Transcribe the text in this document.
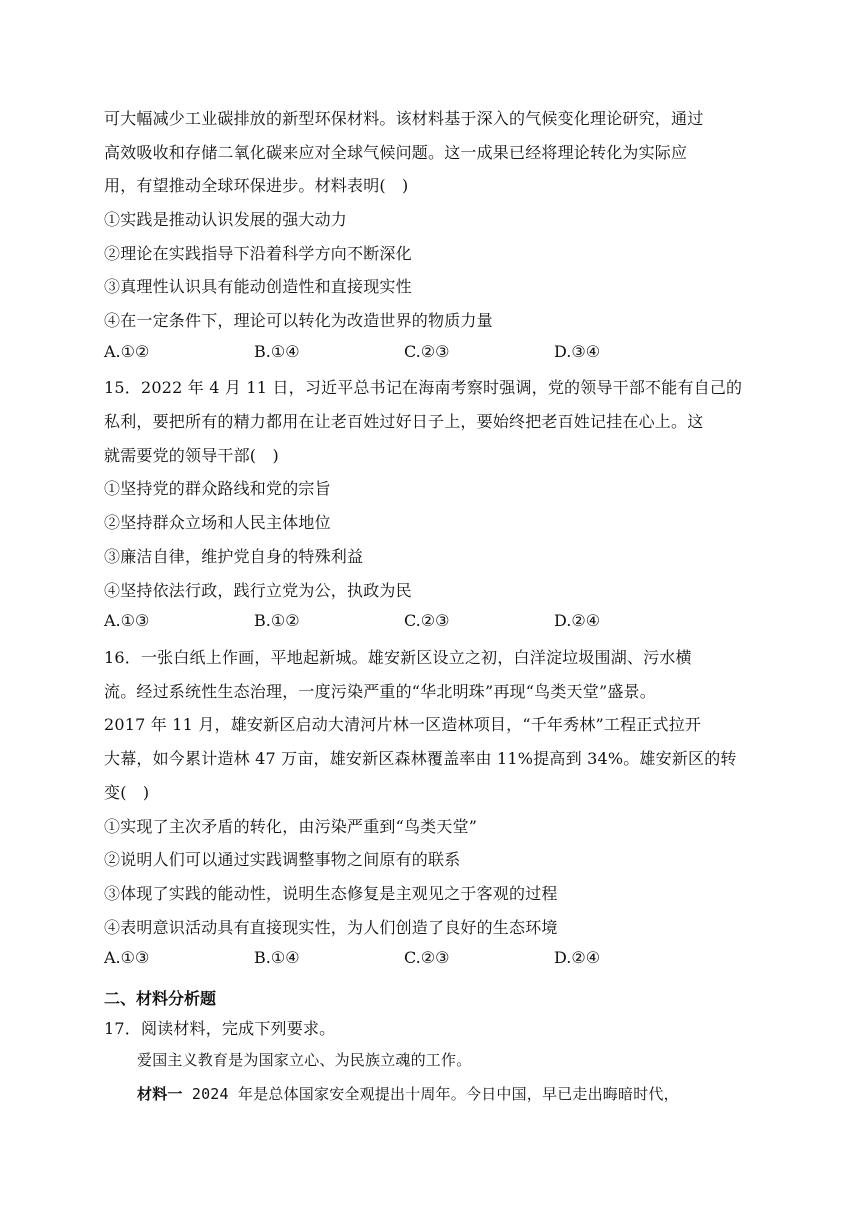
可大幅减少工业碳排放的新型环保材料。该材料基于深入的气候变化理论研究，通过
高效吸收和存储二氧化碳来应对全球气候问题。这一成果已经将理论转化为实际应
用，有望推动全球环保进步。材料表明(　)
①实践是推动认识发展的强大动力
②理论在实践指导下沿着科学方向不断深化
③真理性认识具有能动创造性和直接现实性
④在一定条件下，理论可以转化为改造世界的物质力量
A.①②	B.①④	C.②③	D.③④
15．2022 年 4 月 11 日，习近平总书记在海南考察时强调，党的领导干部不能有自己的
私利，要把所有的精力都用在让老百姓过好日子上，要始终把老百姓记挂在心上。这
就需要党的领导干部(　)
①坚持党的群众路线和党的宗旨
②坚持群众立场和人民主体地位
③廉洁自律，维护党自身的特殊利益
④坚持依法行政，践行立党为公，执政为民
A.①③	B.①②	C.②③	D.②④
16．一张白纸上作画，平地起新城。雄安新区设立之初，白洋淀垃圾围湖、污水横
流。经过系统性生态治理，一度污染严重的“华北明珠”再现“鸟类天堂”盛景。
2017 年 11 月，雄安新区启动大清河片林一区造林项目，“千年秀林”工程正式拉开
大幕，如今累计造林 47 万亩，雄安新区森林覆盖率由 11%提高到 34%。雄安新区的转
变(　)
①实现了主次矛盾的转化，由污染严重到“鸟类天堂”
②说明人们可以通过实践调整事物之间原有的联系
③体现了实践的能动性，说明生态修复是主观见之于客观的过程
④表明意识活动具有直接现实性，为人们创造了良好的生态环境
A.①③	B.①④	C.②③	D.②④
二、材料分析题
17．阅读材料，完成下列要求。
爱国主义教育是为国家立心、为民族立魂的工作。
材料一 2024 年是总体国家安全观提出十周年。今日中国，早已走出晦暗时代，
